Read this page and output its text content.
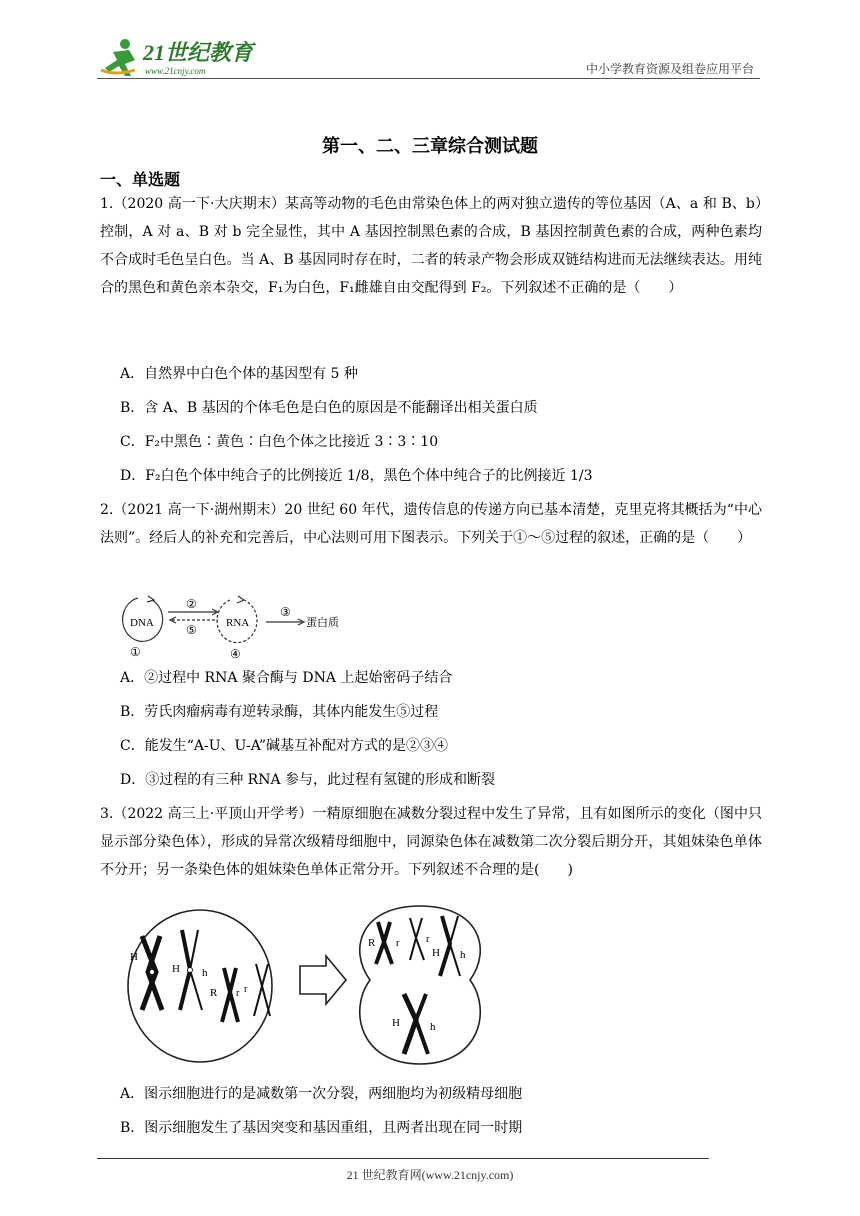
21世纪教育
www.21cnjy.com	中小学教育资源及组卷应用平台
第一、二、三章综合测试题
一、单选题
1.（2020 高一下·大庆期末）某高等动物的毛色由常染色体上的两对独立遗传的等位基因（A、a 和 B、b）控制，A 对 a、B 对 b 完全显性，其中 A 基因控制黑色素的合成，B 基因控制黄色素的合成，两种色素均不合成时毛色呈白色。当 A、B 基因同时存在时，二者的转录产物会形成双链结构进而无法继续表达。用纯合的黑色和黄色亲本杂交，F₁为白色，F₁雌雄自由交配得到 F₂。下列叙述不正确的是（　　）
A．自然界中白色个体的基因型有 5 种
B．含 A、B 基因的个体毛色是白色的原因是不能翻译出相关蛋白质
C．F₂中黑色∶黄色∶白色个体之比接近 3∶3∶10
D．F₂白色个体中纯合子的比例接近 1/8，黑色个体中纯合子的比例接近 1/3
2.（2021 高一下·湖州期末）20 世纪 60 年代，遗传信息的传递方向已基本清楚，克里克将其概括为“中心法则”。经后人的补充和完善后，中心法则可用下图表示。下列关于①～⑤过程的叙述，正确的是（　　）
DNA
①
②
⑤	RNA
④
③
蛋白质
A．②过程中 RNA 聚合酶与 DNA 上起始密码子结合
B．劳氏肉瘤病毒有逆转录酶，其体内能发生⑤过程
C．能发生“A-U、U-A”碱基互补配对方式的是②③④
D．③过程的有三种 RNA 参与，此过程有氢键的形成和断裂
3.（2022 高三上·平顶山开学考）一精原细胞在减数分裂过程中发生了异常，且有如图所示的变化（图中只显示部分染色体），形成的异常次级精母细胞中，同源染色体在减数第二次分裂后期分开，其姐妹染色单体不分开；另一条染色体的姐妹染色单体正常分开。下列叙述不合理的是(　　)
H
H h
R r r
R r	r
H h
H	h
A．图示细胞进行的是减数第一次分裂，两细胞均为初级精母细胞
B．图示细胞发生了基因突变和基因重组，且两者出现在同一时期
21 世纪教育网(www.21cnjy.com)
